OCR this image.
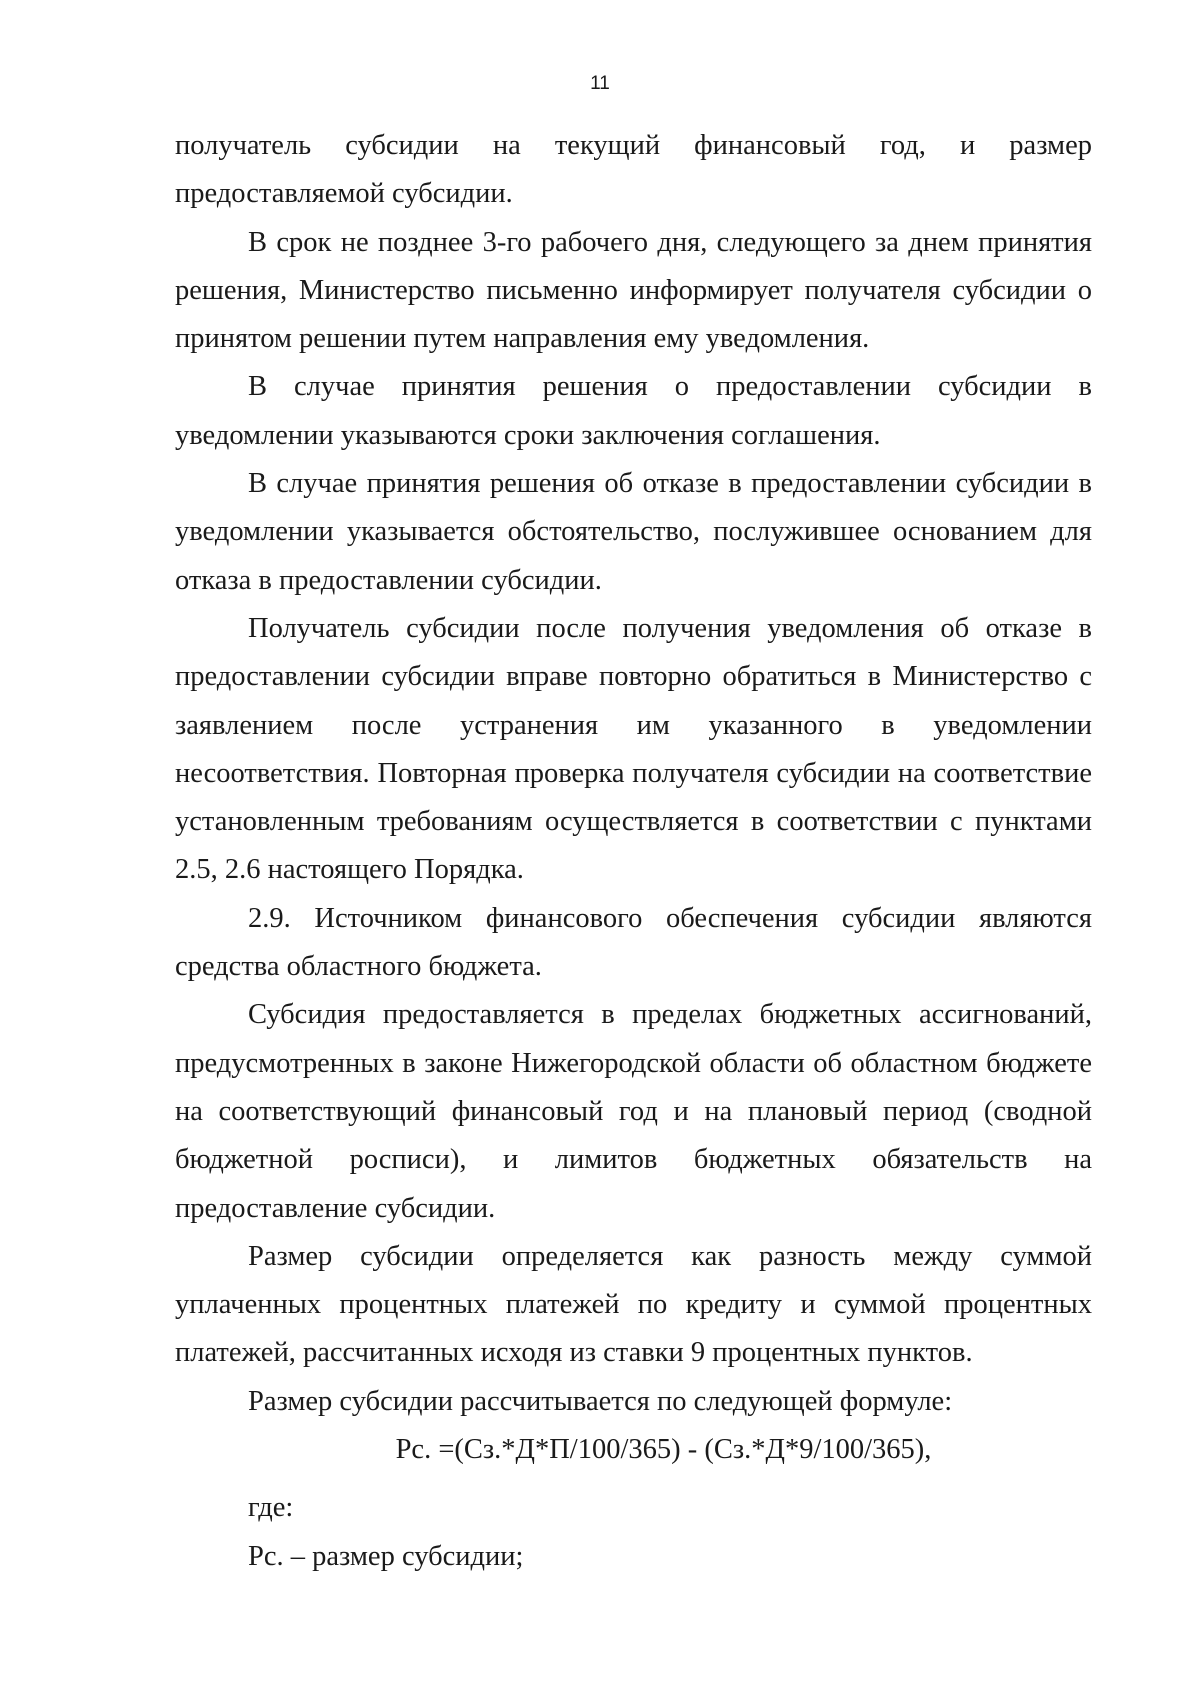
11

получатель субсидии на текущий финансовый год, и размер предоставляемой субсидии.

В срок не позднее 3-го рабочего дня, следующего за днем принятия решения, Министерство письменно информирует получателя субсидии о принятом решении путем направления ему уведомления.

В случае принятия решения о предоставлении субсидии в уведомлении указываются сроки заключения соглашения.

В случае принятия решения об отказе в предоставлении субсидии в уведомлении указывается обстоятельство, послужившее основанием для отказа в предоставлении субсидии.

Получатель субсидии после получения уведомления об отказе в предоставлении субсидии вправе повторно обратиться в Министерство с заявлением после устранения им указанного в уведомлении несоответствия. Повторная проверка получателя субсидии на соответствие установленным требованиям осуществляется в соответствии с пунктами 2.5, 2.6 настоящего Порядка.

2.9. Источником финансового обеспечения субсидии являются средства областного бюджета.

Субсидия предоставляется в пределах бюджетных ассигнований, предусмотренных в законе Нижегородской области об областном бюджете на соответствующий финансовый год и на плановый период (сводной бюджетной росписи), и лимитов бюджетных обязательств на предоставление субсидии.

Размер субсидии определяется как разность между суммой уплаченных процентных платежей по кредиту и суммой процентных платежей, рассчитанных исходя из ставки 9 процентных пунктов.

Размер субсидии рассчитывается по следующей формуле:

Рс. =(Сз.*Д*П/100/365) - (Сз.*Д*9/100/365),

где:

Рс. – размер субсидии;
